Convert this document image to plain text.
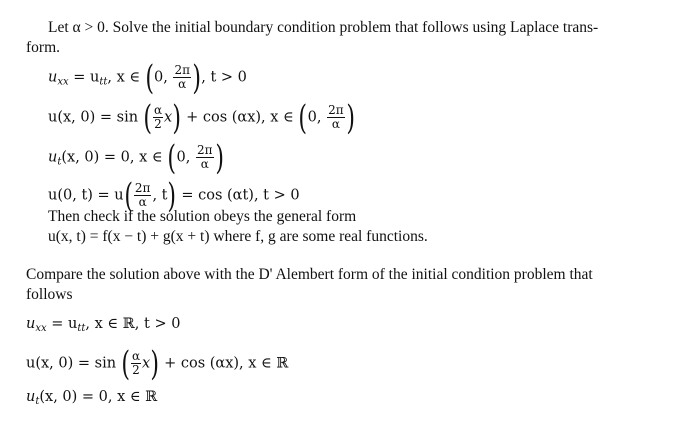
Let α > 0. Solve the initial boundary condition problem that follows using Laplace trans-
form.
$u_{xx} = u_{tt}$, x ∈ (0, $\frac{2\pi}{\alpha}$ ), t > 0
u(x, 0) = sin ( $\frac{\alpha}{2} x) + \cos (\alpha x)$, x ∈ (0, $\frac{2\pi}{\alpha}$ )
$u_t(x$, 0) = 0, x ∈ (0, $\frac{2\pi}{\alpha}$ )
u(0, $t) = u( \frac{2\pi}{\alpha}$ , t) = cos (αt), t > 0
Then check if the solution obeys the general form
u(x, t) = f(x − t) + g(x + t) where f, g are some real functions.
Compare the solution above with the D' Alembert form of the initial condition problem that
follows
$u_{xx} = u_{tt}$, x ∈ ℝ, t > 0
u(x, 0) = sin ( $\frac{\alpha}{2} x) + \cos (\alpha x)$, x ∈ ℝ
$u_t(x$, 0) = 0, x ∈ ℝ
